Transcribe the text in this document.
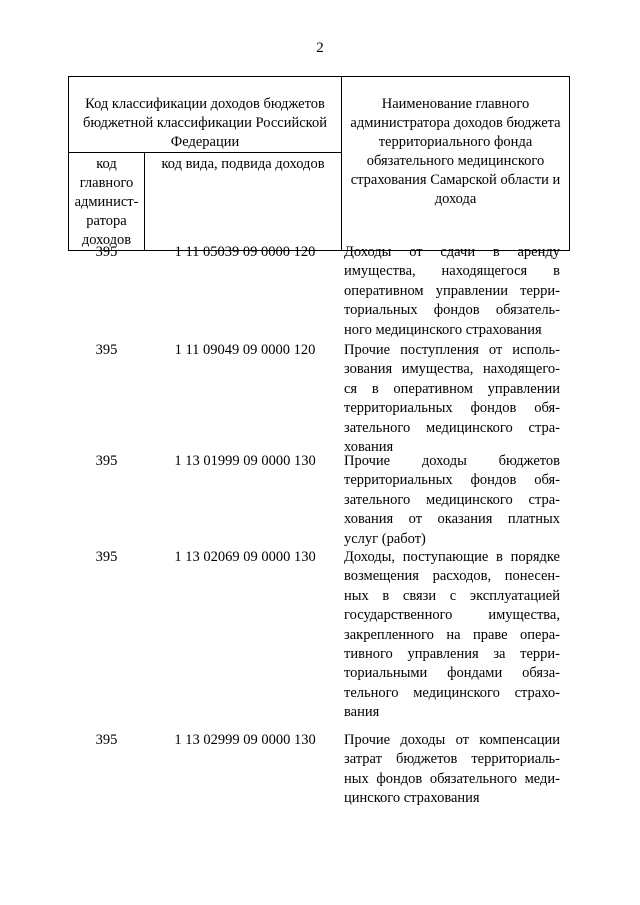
2
Код классификации доходов бюджетов бюджетной классификации Российской Федерации		Наименование главного администратора доходов бюджета территориального фонда обязательного медицинского страхования Самарской области и дохода

код главного админист-ратора доходов	код вида, подвида доходов	
395	1 11 05039 09 0000 120	Доходы от сдачи в аренду
имущества, находящегося в
оперативном управлении терри-
ториальных фондов обязатель-
ного медицинского страхования
395	1 11 09049 09 0000 120	Прочие поступления от исполь-
зования имущества, находящего-
ся в оперативном управлении
территориальных фондов обя-
зательного медицинского стра-
хования
395	1 13 01999 09 0000 130	Прочие доходы бюджетов
территориальных фондов обя-
зательного медицинского стра-
хования от оказания платных
услуг (работ)
395	1 13 02069 09 0000 130	Доходы, поступающие в порядке
возмещения расходов, понесен-
ных в связи с эксплуатацией
государственного имущества,
закрепленного на праве опера-
тивного управления за терри-
ториальными фондами обяза-
тельного медицинского страхо-
вания
395	1 13 02999 09 0000 130	Прочие доходы от компенсации
затрат бюджетов территориаль-
ных фондов обязательного меди-
цинского страхования
